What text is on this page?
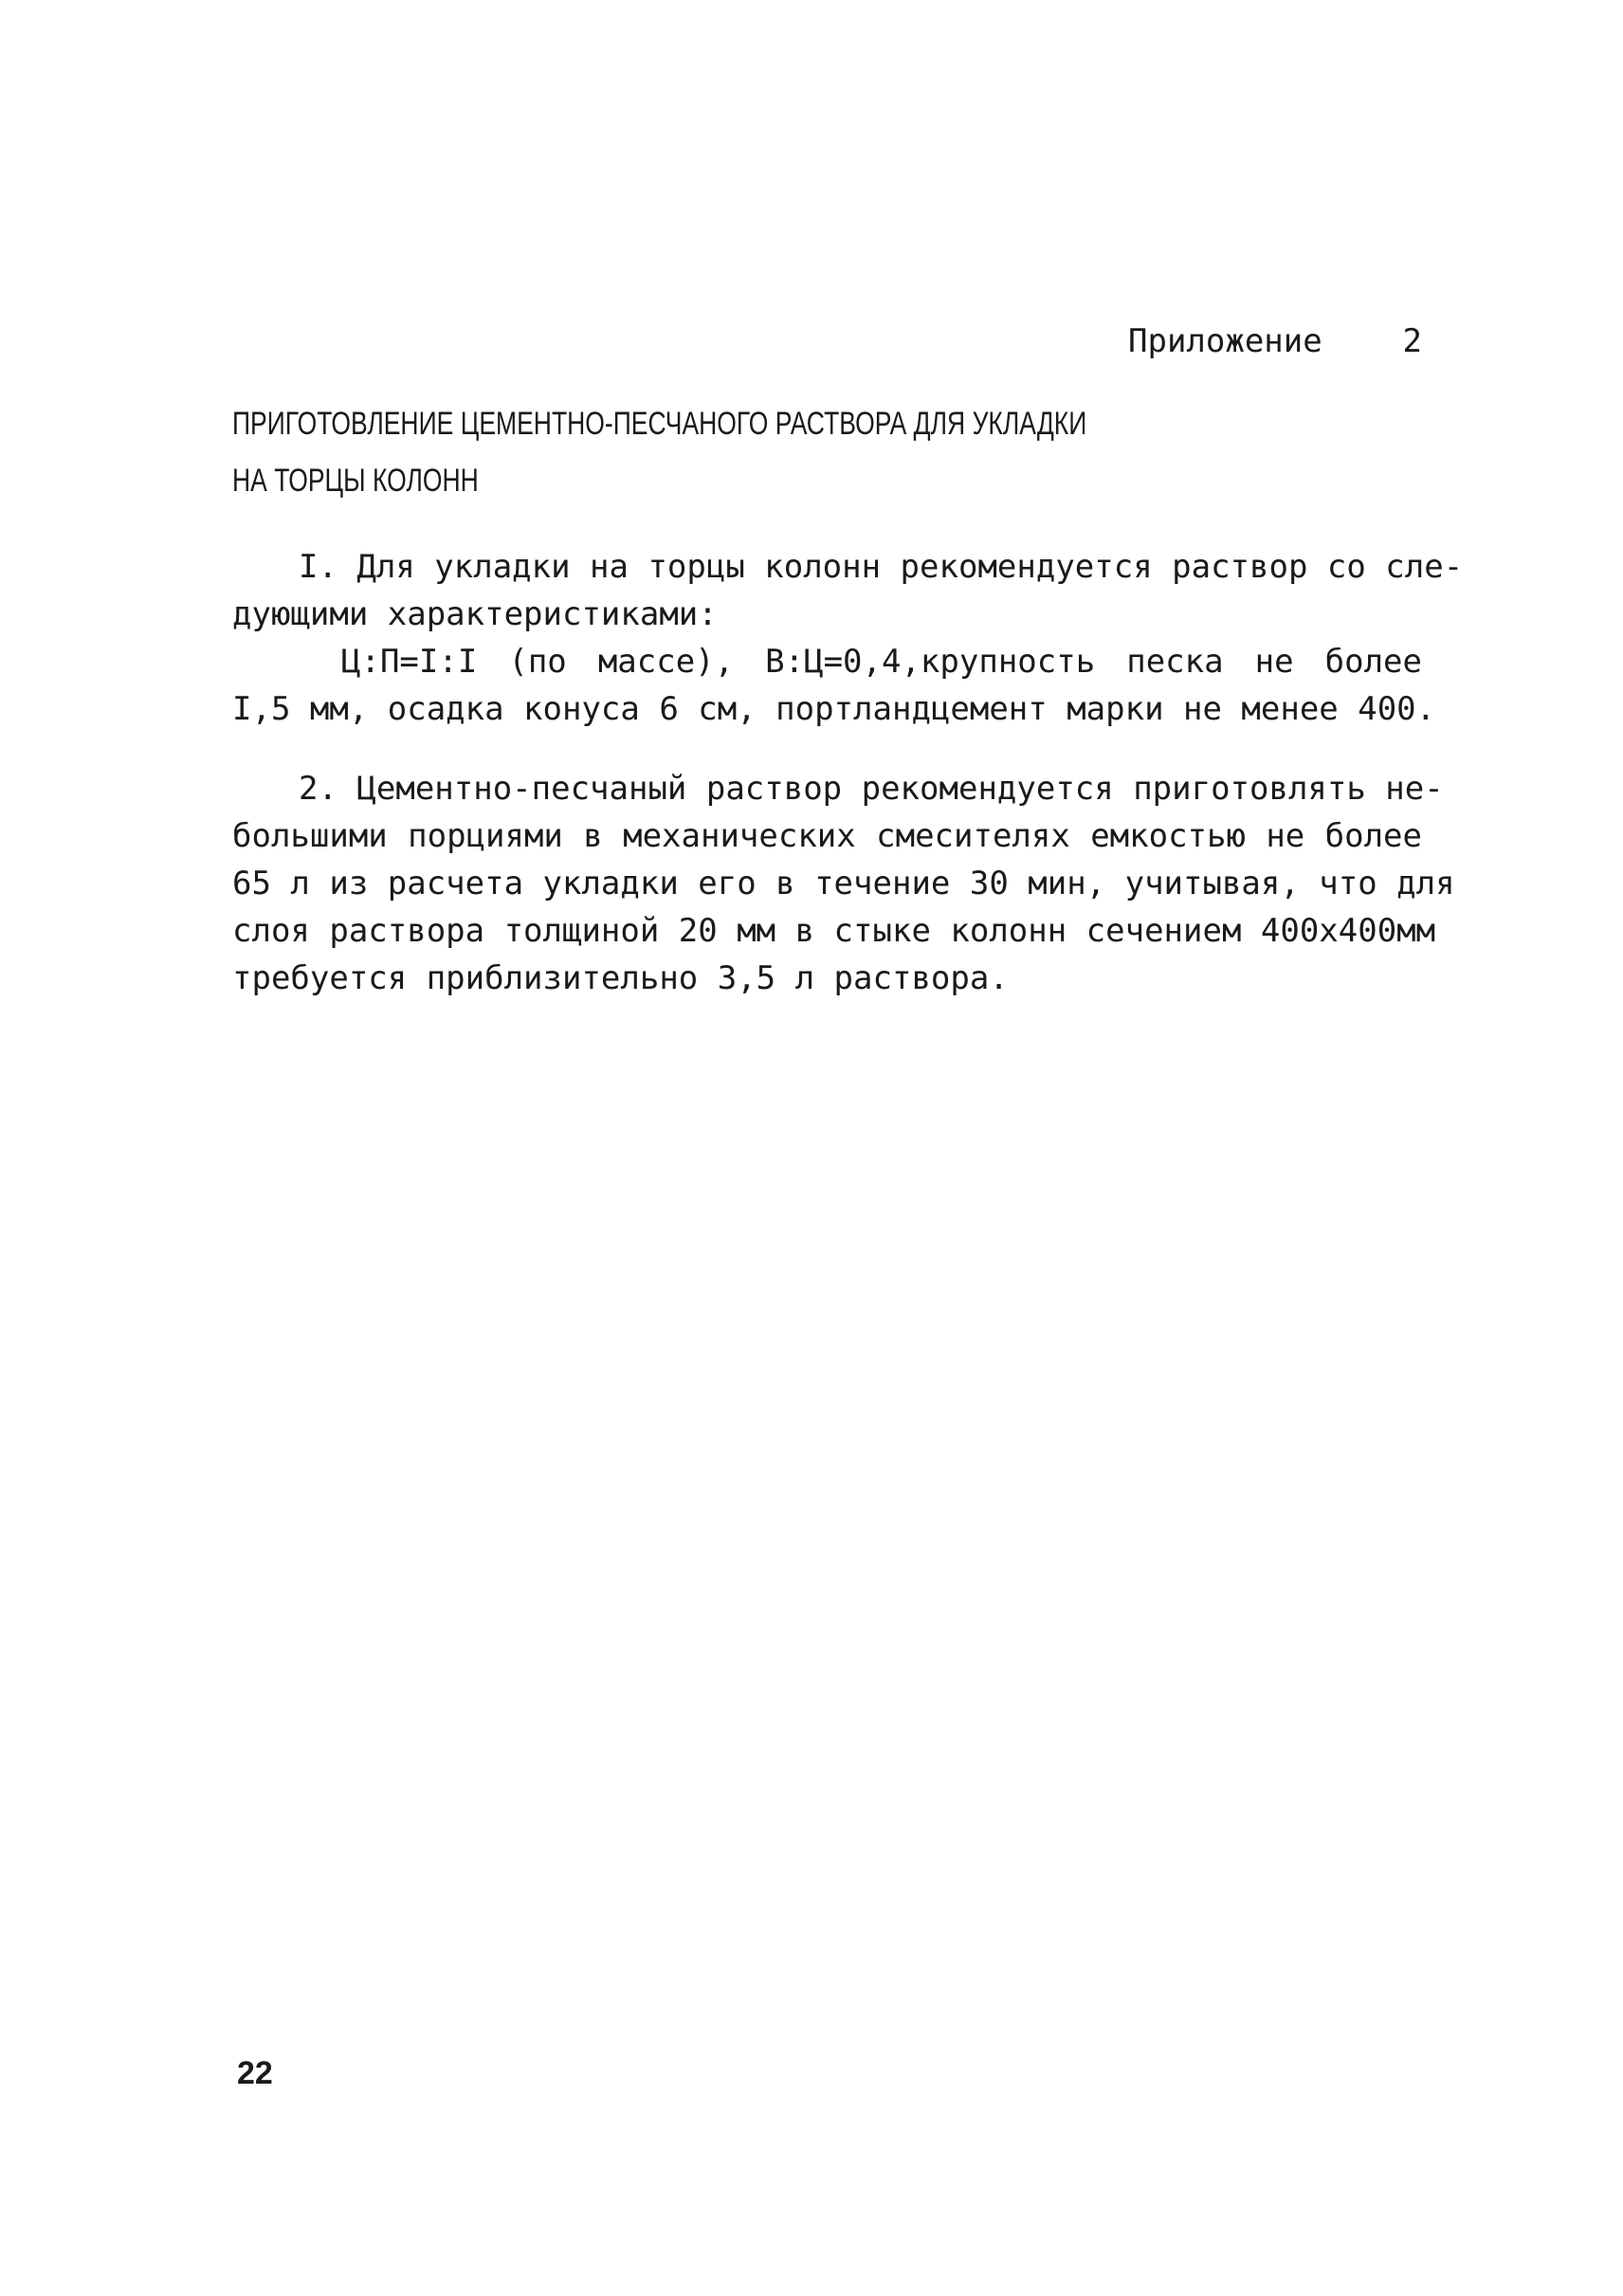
Приложение 2
ПРИГОТОВЛЕНИЕ ЦЕМЕНТНО-ПЕСЧАНОГО РАСТВОРА ДЛЯ УКЛАДКИ
НА ТОРЦЫ КОЛОНН
I. Для укладки на торцы колонн рекомендуется раствор со сле-
дующими характеристиками:
Ц:П=I:I (по массе), В:Ц=0,4,крупность песка не более
I,5 мм, осадка конуса 6 см, портландцемент марки не менее 400.
2. Цементно-песчаный раствор рекомендуется приготовлять не-
большими порциями в механических смесителях емкостью не более
65 л из расчета укладки его в течение 30 мин, учитывая, что для
слоя раствора толщиной 20 мм в стыке колонн сечением 400x400мм
требуется приблизительно 3,5 л раствора.
22
